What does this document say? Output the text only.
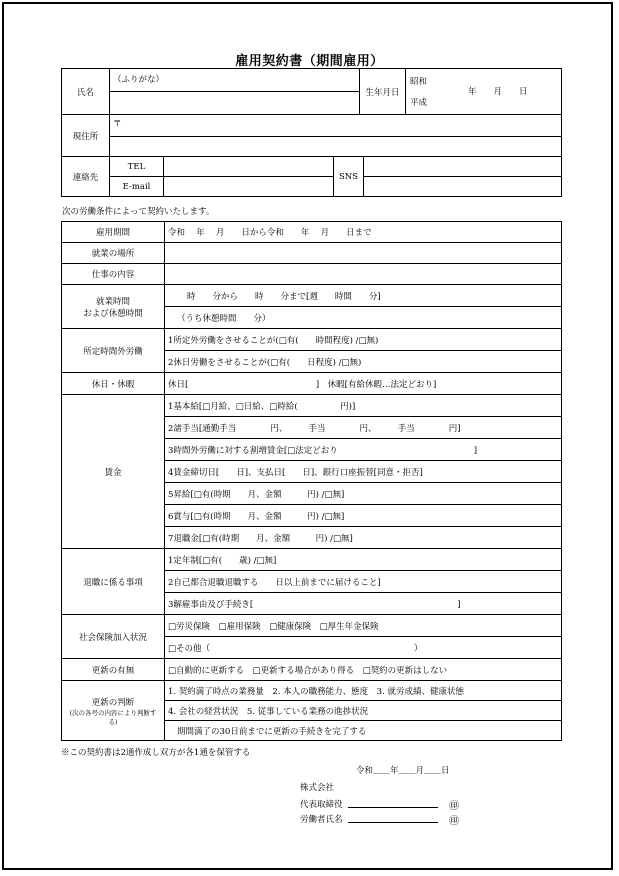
雇用契約書（期間雇用）
氏名	（ふりがな）
	生年月日	
昭和
平成
年　　月　　日
現住所	〒
連絡先	TEL		SNS	
	E-mail			
次の労働条件によって契約いたします。
雇用期間	令和　 年　 月　　日から令和　　年　 月　　日まで
就業の場所	
仕事の内容	

就業時間
および休憩時間	時　　分から　　時　　分まで[週　　時間　　分]
	（うち休憩時間　　分）
所定時間外労働	1所定外労働をさせることが(□有(　　時間程度) /□無)
	2休日労働をさせることが(□有(　　日程度) /□無)
休日・休暇	休日[　　　　　　　　　　　　　　　]　休暇[有給休暇…法定どおり]
賃金	1基本給[□月給、□日給、□時給(　　　　　円)]
	2諸手当[通勤手当　　　　円、　　　手当　　　　円、　　　手当　　　　円]
	3時間外労働に対する割増賃金[□法定どおり　　　　　　　　　　　　　　　　]
	4賃金締切日[　　日]、支払日[　　日]、銀行口座振替[同意・拒否]
	5昇給[□有(時期　　月、金額　　　円) /□無]
	6賞与[□有(時期　　月、金額　　　円) /□無]
	7退職金[□有(時期　　月、金額　　　円) /□無]
退職に係る事項	1定年制[□有(　　歳) /□無]
	2自己都合退職退職する　　日以上前までに届けること]
	3解雇事由及び手続き[　　　　　　　　　　　　　　　　　　　　　　　　]
社会保険加入状況	□労災保険　□雇用保険　□健康保険　□厚生年金保険
	□その他（　　　　　　　　　　　　　　　　　　　　　　　　）
更新の有無	□自動的に更新する　□更新する場合があり得る　□契約の更新はしない

更新の判断
(次の各号の内容により判断する)	1. 契約満了時点の業務量　2. 本人の職務能力、態度　3. 就労成績、健康状態
	4. 会社の経営状況　5. 従事している業務の進捗状況
	期間満了の30日前までに更新の手続きを完了する
※この契約書は2通作成し双方が各1通を保管する
令和＿＿年＿＿月＿＿日
株式会社
代表取締役	㊞
労働者氏名	㊞
